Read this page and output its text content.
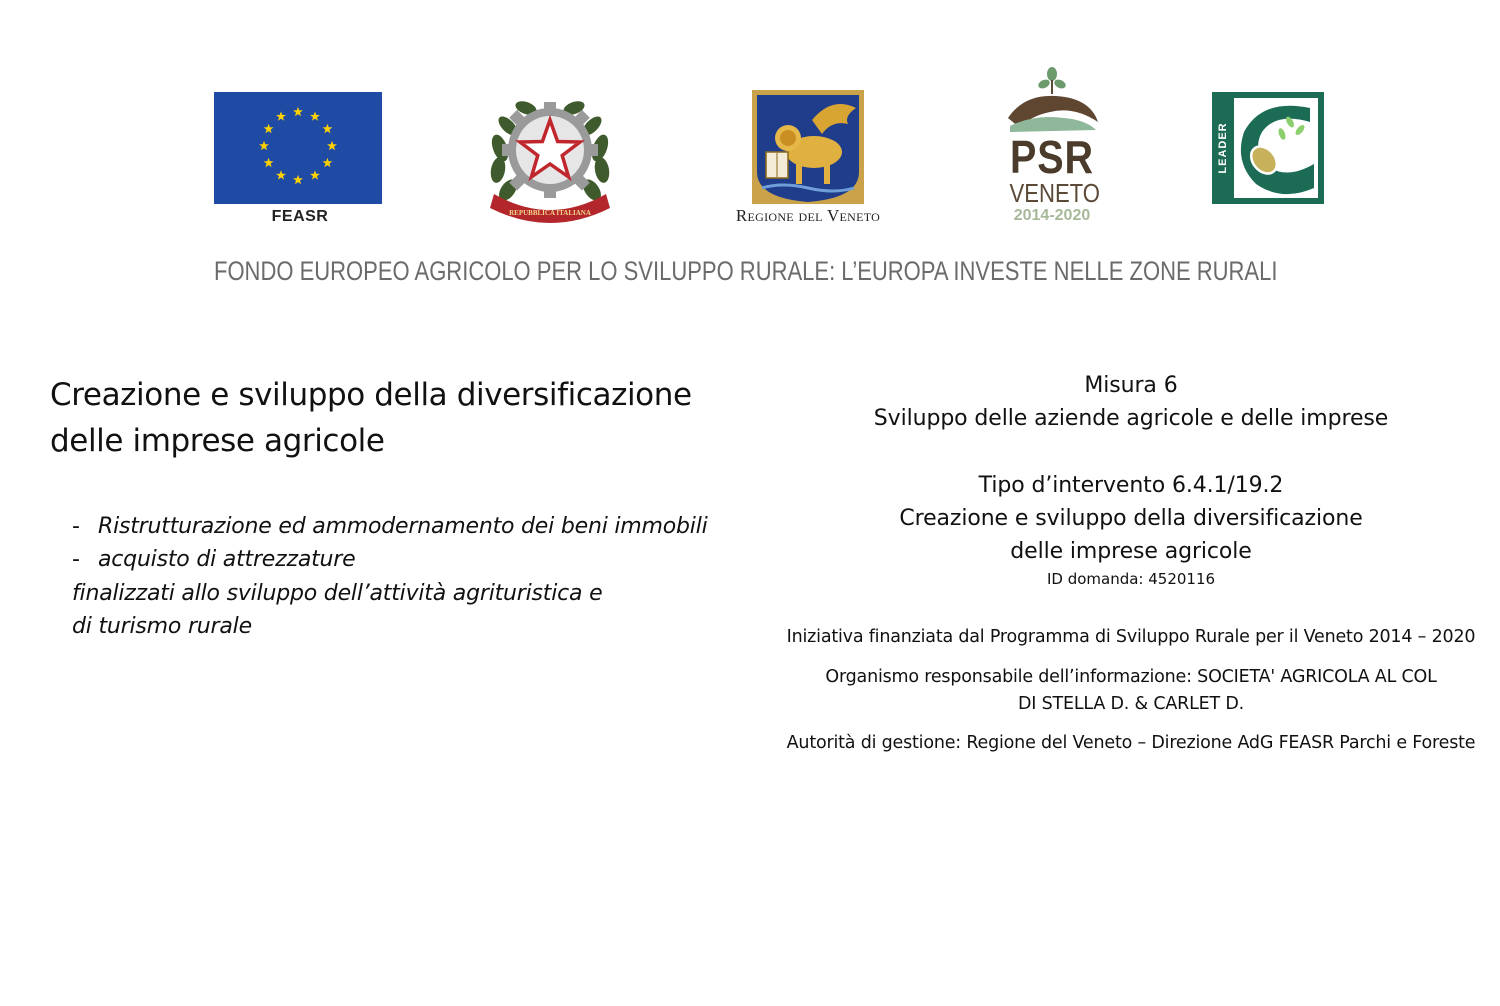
FEASR	REPUBBLICA ITALIANA	Regione del Veneto
PSR
VENETO
2014-2020
LEADER
FONDO EUROPEO AGRICOLO PER LO SVILUPPO RURALE: L’EUROPA INVESTE NELLE ZONE RURALI
Creazione e sviluppo della diversificazione
delle imprese agricole
- Ristrutturazione ed ammodernamento dei beni immobili
- acquisto di attrezzature
finalizzati allo sviluppo dell’attività agrituristica e
di turismo rurale
Misura 6
Sviluppo delle aziende agricole e delle imprese
Tipo d’intervento 6.4.1/19.2
Creazione e sviluppo della diversificazione
delle imprese agricole
ID domanda: 4520116
Iniziativa finanziata dal Programma di Sviluppo Rurale per il Veneto 2014 – 2020
Organismo responsabile dell’informazione: SOCIETA' AGRICOLA AL COL
DI STELLA D. & CARLET D.
Autorità di gestione: Regione del Veneto – Direzione AdG FEASR Parchi e Foreste
